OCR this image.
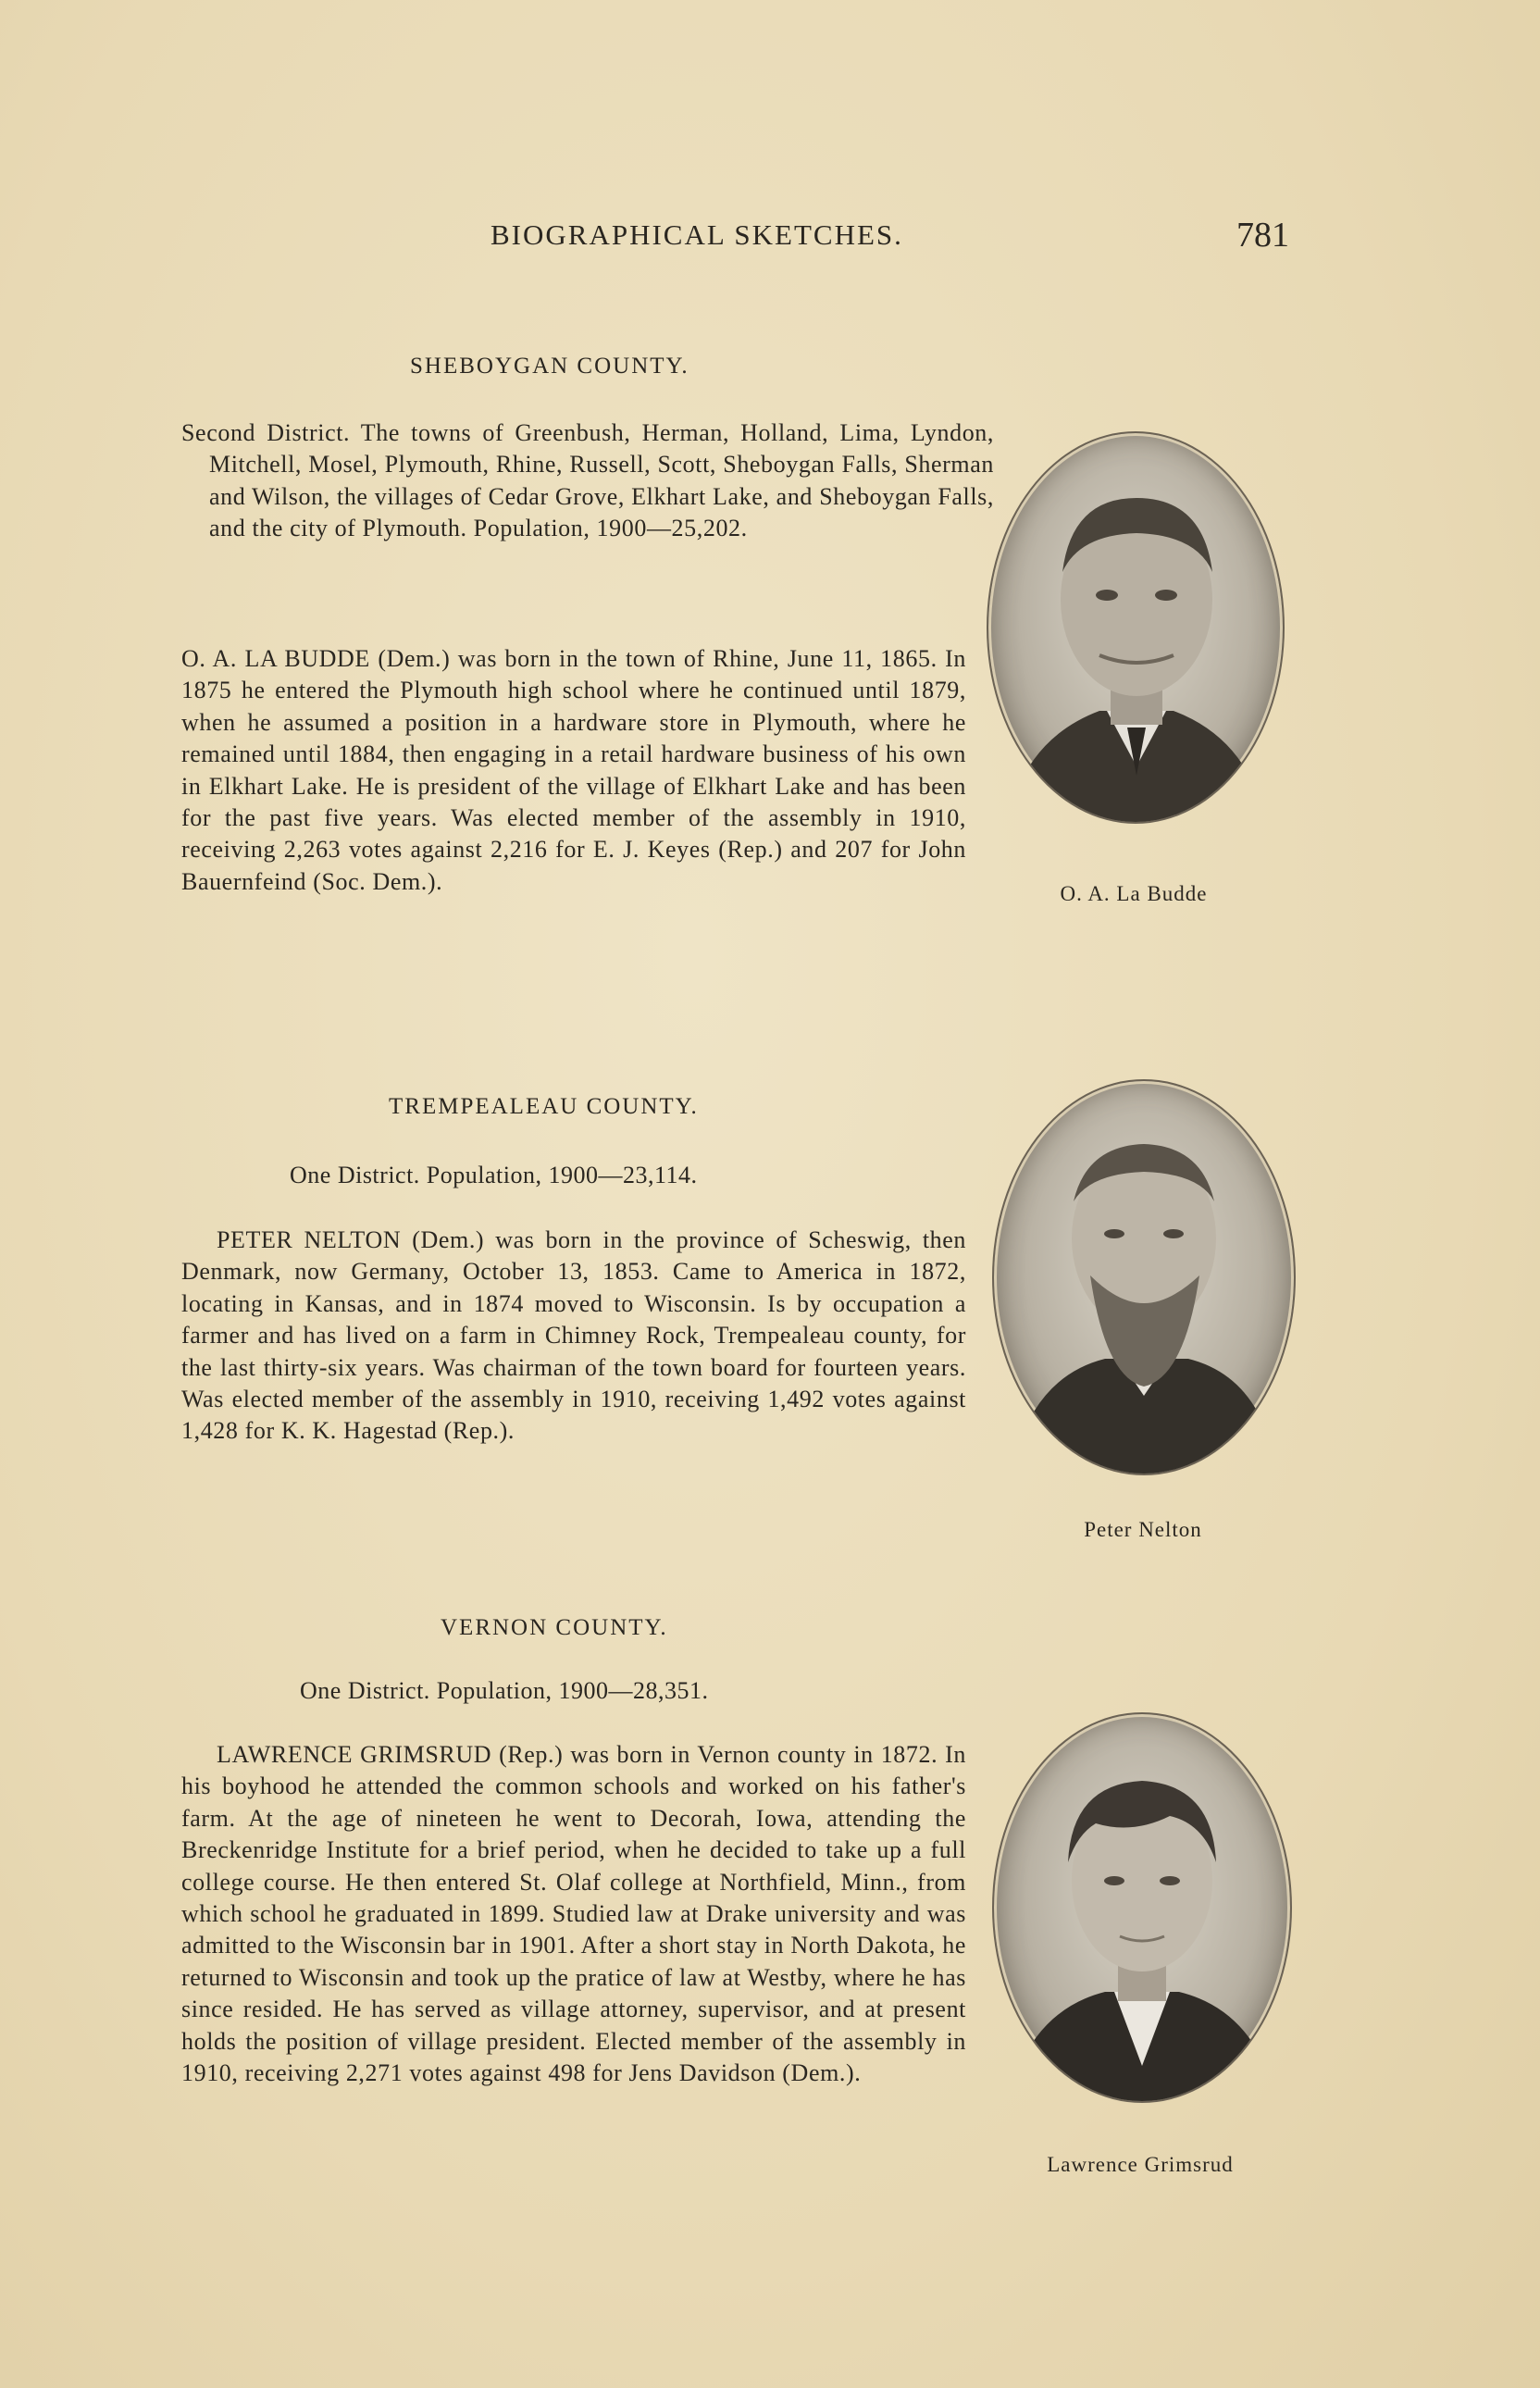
BIOGRAPHICAL SKETCHES.	781
SHEBOYGAN COUNTY.
Second District. The towns of Greenbush, Herman, Holland, Lima, Lyndon, Mitchell, Mosel, Plymouth, Rhine, Russell, Scott, Sheboygan Falls, Sherman and Wilson, the villages of Cedar Grove, Elkhart Lake, and Sheboygan Falls, and the city of Plymouth. Population, 1900—25,202.
O. A. LA BUDDE (Dem.) was born in the town of Rhine, June 11, 1865. In 1875 he entered the Plymouth high school where he continued until 1879, when he assumed a position in a hardware store in Plymouth, where he remained until 1884, then engaging in a retail hardware business of his own in Elkhart Lake. He is president of the village of Elkhart Lake and has been for the past five years. Was elected member of the assembly in 1910, receiving 2,263 votes against 2,216 for E. J. Keyes (Rep.) and 207 for John Bauernfeind (Soc. Dem.).	O. A. La Budde
TREMPEALEAU COUNTY.
One District. Population, 1900—23,114.
PETER NELTON (Dem.) was born in the province of Scheswig, then Denmark, now Germany, October 13, 1853. Came to America in 1872, locating in Kansas, and in 1874 moved to Wisconsin. Is by occupation a farmer and has lived on a farm in Chimney Rock, Trempealeau county, for the last thirty-six years. Was chairman of the town board for fourteen years. Was elected member of the assembly in 1910, receiving 1,492 votes against 1,428 for K. K. Hagestad (Rep.).
Peter Nelton
VERNON COUNTY.
One District. Population, 1900—28,351.
LAWRENCE GRIMSRUD (Rep.) was born in Vernon county in 1872. In his boyhood he attended the common schools and worked on his father's farm. At the age of nineteen he went to Decorah, Iowa, attending the Breckenridge Institute for a brief period, when he decided to take up a full college course. He then entered St. Olaf college at Northfield, Minn., from which school he graduated in 1899. Studied law at Drake university and was admitted to the Wisconsin bar in 1901. After a short stay in North Dakota, he returned to Wisconsin and took up the pratice of law at Westby, where he has since resided. He has served as village attorney, supervisor, and at present holds the position of village president. Elected member of the assembly in 1910, receiving 2,271 votes against 498 for Jens Davidson (Dem.).
Lawrence Grimsrud
